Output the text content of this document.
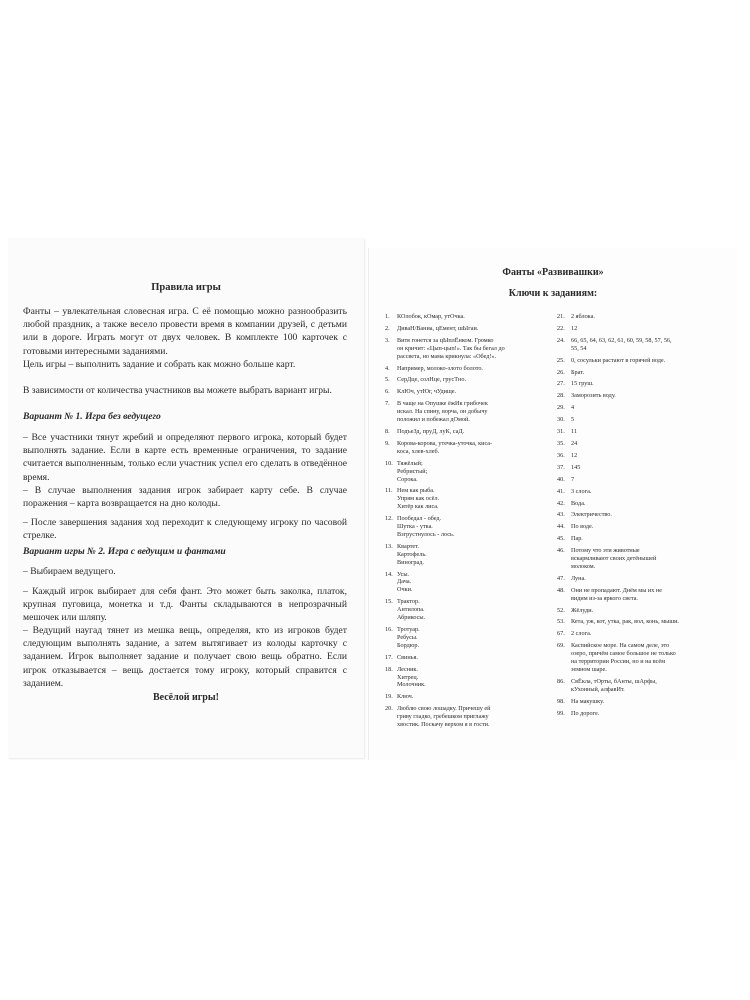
Правила игры
Фанты – увлекательная словесная игра. С её помощью можно разнообразить любой праздник, а также весело провести время в компании друзей, с детьми или в дороге. Играть могут от двух человек. В комплекте 100 карточек с готовыми интересными заданиями.
Цель игры – выполнить задание и собрать как можно больше карт.
В зависимости от количества участников вы можете выбрать вариант игры.
Вариант № 1. Игра без ведущего
– Все участники тянут жребий и определяют первого игрока, который будет выполнять задание. Если в карте есть временные ограничения, то задание считается выполненным, только если участник успел его сделать в отведённое время.
– В случае выполнения задания игрок забирает карту себе. В случае поражения – карта возвращается на дно колоды.
– После завершения задания ход переходит к следующему игроку по часовой стрелке.
Вариант игры № 2. Игра с ведущим и фантами
– Выбираем ведущего.
– Каждый игрок выбирает для себя фант. Это может быть заколка, платок, крупная пуговица, монетка и т.д. Фанты складываются в непрозрачный мешочек или шляпу.
– Ведущий наугад тянет из мешка вещь, определяя, кто из игроков будет следующим выполнять задание, а затем вытягивает из колоды карточку с заданием. Игрок выполняет задание и получает свою вещь обратно. Если игрок отказывается – вещь достается тому игроку, который справится с заданием.
Весёлой игры!
Фанты «Развивашки»
Ключи к заданиям:
1. КОлобок, кОмар, утОчка.
2. ДиваН/Ваниа, цЕмент, шЫгаи.
3. Витя гонется за цЫплЁнком. Громко
он кричит: «Цып-цып!». Так бы бегал до
рассвета, но мама крикнула: «Обед!».
4. Например, молоко-злото болото.
5. СерДце, солНце, грусТно.
6. КлЮч, утЮг, чУдище.
7. В чаще на Опушке ёжИк грибочек
искал. На спину, ворча, он добычу
положил и побежал дОмой.
8. ПодъеЗд, пруД, луК, саД.
9. Корова-корова, утечка-уточка, киса-
коса, хлев-хлеб.
10. Тяжёлый;
Ребристый;
Сорока.
11. Нем как рыба.
Упрям как осёл.
Хитёр как лиса.
12. Пообедал - обед.
Шутка - утка.
Взгрустнулось - лось.
13. Квартет.
Картофель.
Виноград.
14. Усы.
Дача.
Очки.
15. Трактор.
Антилопа.
Абрикосы.
16. Тротуар.
Ребусы.
Бордюр.
17. Свинья.
18. Лесник.
Хитрец.
Молочник.
19. Ключ.
20. Люблю свою лошадку. Причешу ей
гриву гладко, гребешком приглажу
хвостик. Поскачу верхом я в гости.
21. 2 яблока.
22. 12
24. 66, 65, 64, 63, 62, 61, 60, 59, 58, 57, 56,
55, 54
25. 0, сосульки растают в горячей воде.
26. Брат.
27. 15 груш.
28. Заморозить воду.
29. 4
30. 5
31. 11
35. 24
36. 12
37. 145
40. 7
41. 3 слога.
42. Вода.
43. Электричество.
44. По воде.
45. Пар.
46. Потому что эти животные
вскармливают своих детёнышей
молоком.
47. Луна.
48. Они не пропадают. Днём мы их не
видим из-за яркого света.
52. Жёлуди.
53. Кета, уж, кот, утка, рак, вол, конь, мыши.
67. 2 слога.
69. Каспийское море. На самом деле, это
озеро, причём самое большое не только
на территории России, но и на всём
земном шаре.
86. СвЁкла, тОрты, бАнты, шАрфы,
кУхонный, алфавИт.
98. На макушку.
99. По дороге.
